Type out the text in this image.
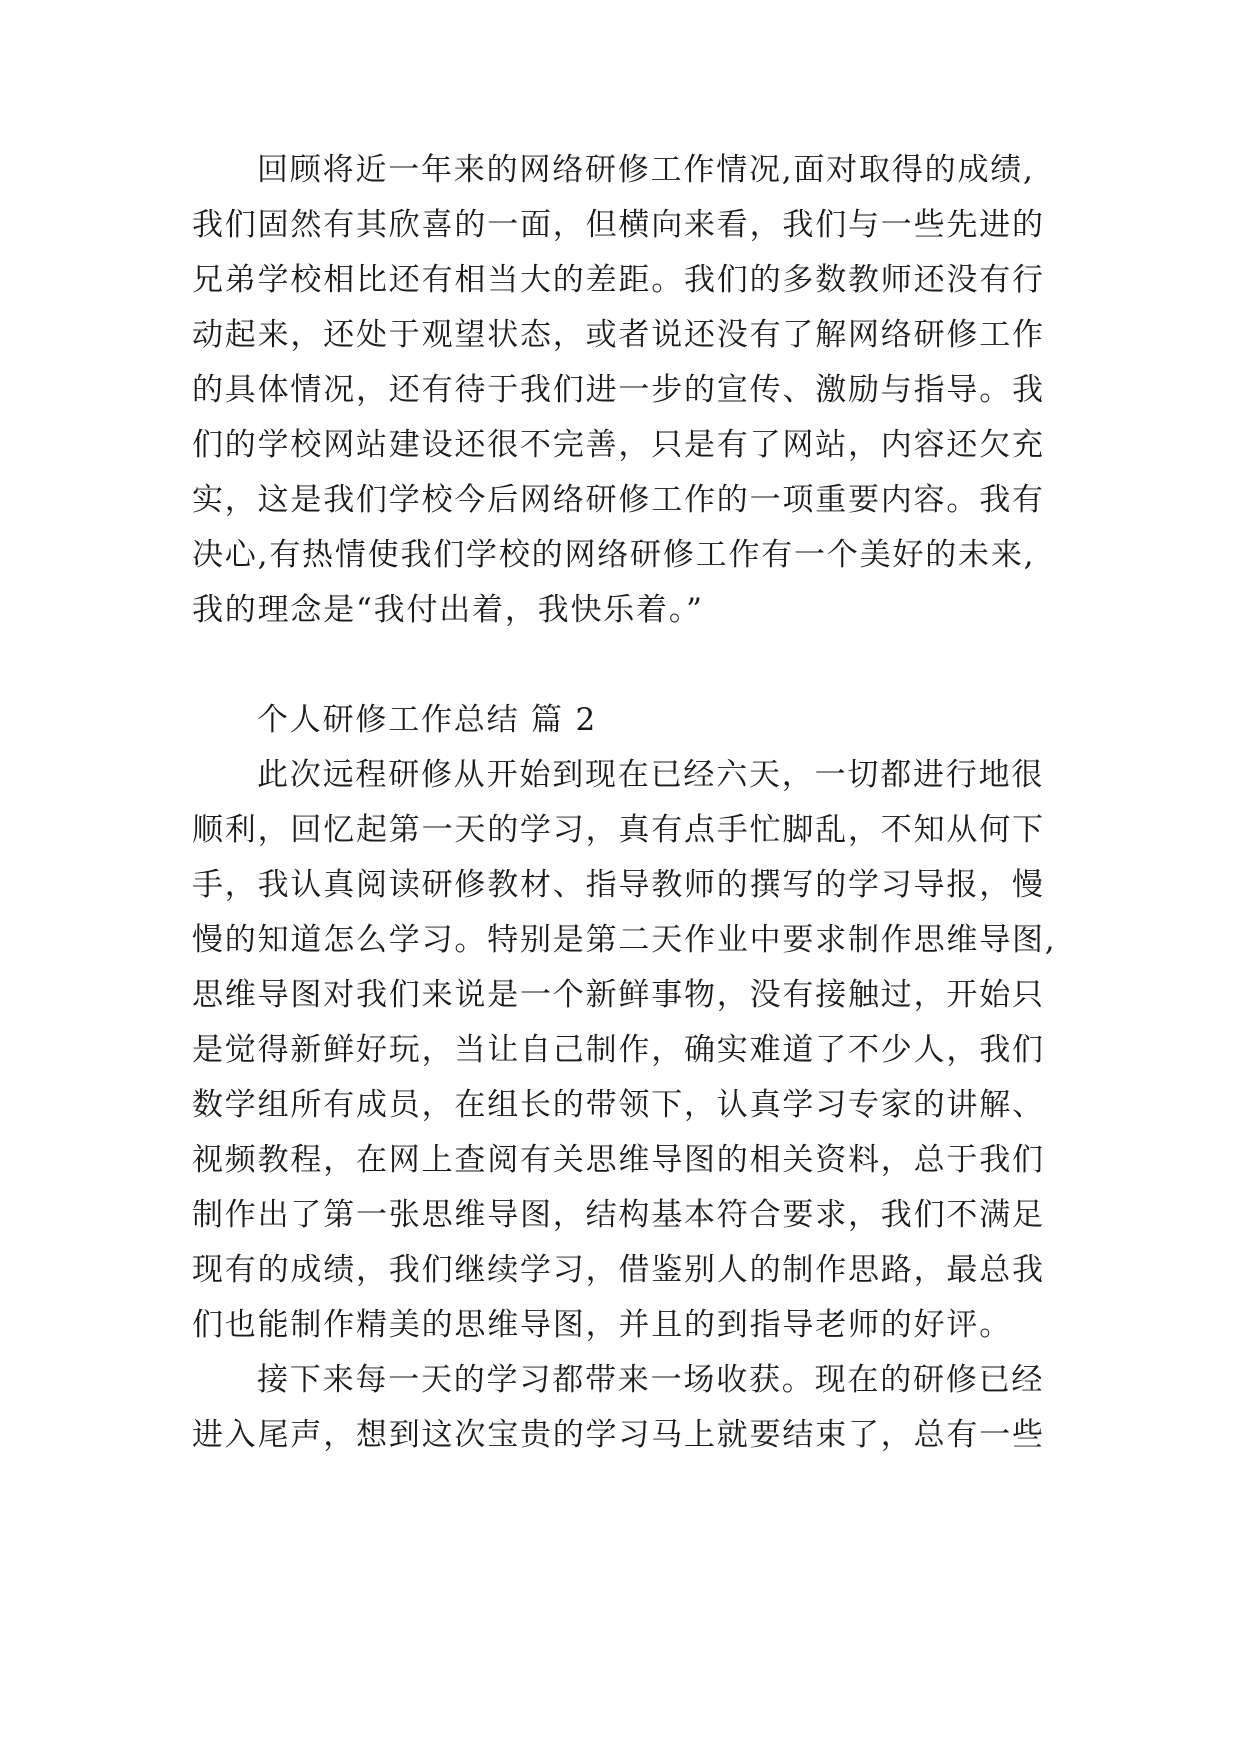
回顾将近一年来的网络研修工作情况,面对取得的成绩,
我们固然有其欣喜的一面，但横向来看，我们与一些先进的
兄弟学校相比还有相当大的差距。我们的多数教师还没有行
动起来，还处于观望状态，或者说还没有了解网络研修工作
的具体情况，还有待于我们进一步的宣传、激励与指导。我
们的学校网站建设还很不完善，只是有了网站，内容还欠充
实，这是我们学校今后网络研修工作的一项重要内容。我有
决心,有热情使我们学校的网络研修工作有一个美好的未来,
我的理念是“我付出着，我快乐着。”
个人研修工作总结 篇 2
此次远程研修从开始到现在已经六天，一切都进行地很
顺利，回忆起第一天的学习，真有点手忙脚乱，不知从何下
手，我认真阅读研修教材、指导教师的撰写的学习导报，慢
慢的知道怎么学习。特别是第二天作业中要求制作思维导图,
思维导图对我们来说是一个新鲜事物，没有接触过，开始只
是觉得新鲜好玩，当让自己制作，确实难道了不少人，我们
数学组所有成员，在组长的带领下，认真学习专家的讲解、
视频教程，在网上查阅有关思维导图的相关资料，总于我们
制作出了第一张思维导图，结构基本符合要求，我们不满足
现有的成绩，我们继续学习，借鉴别人的制作思路，最总我
们也能制作精美的思维导图，并且的到指导老师的好评。
接下来每一天的学习都带来一场收获。现在的研修已经
进入尾声，想到这次宝贵的学习马上就要结束了，总有一些
